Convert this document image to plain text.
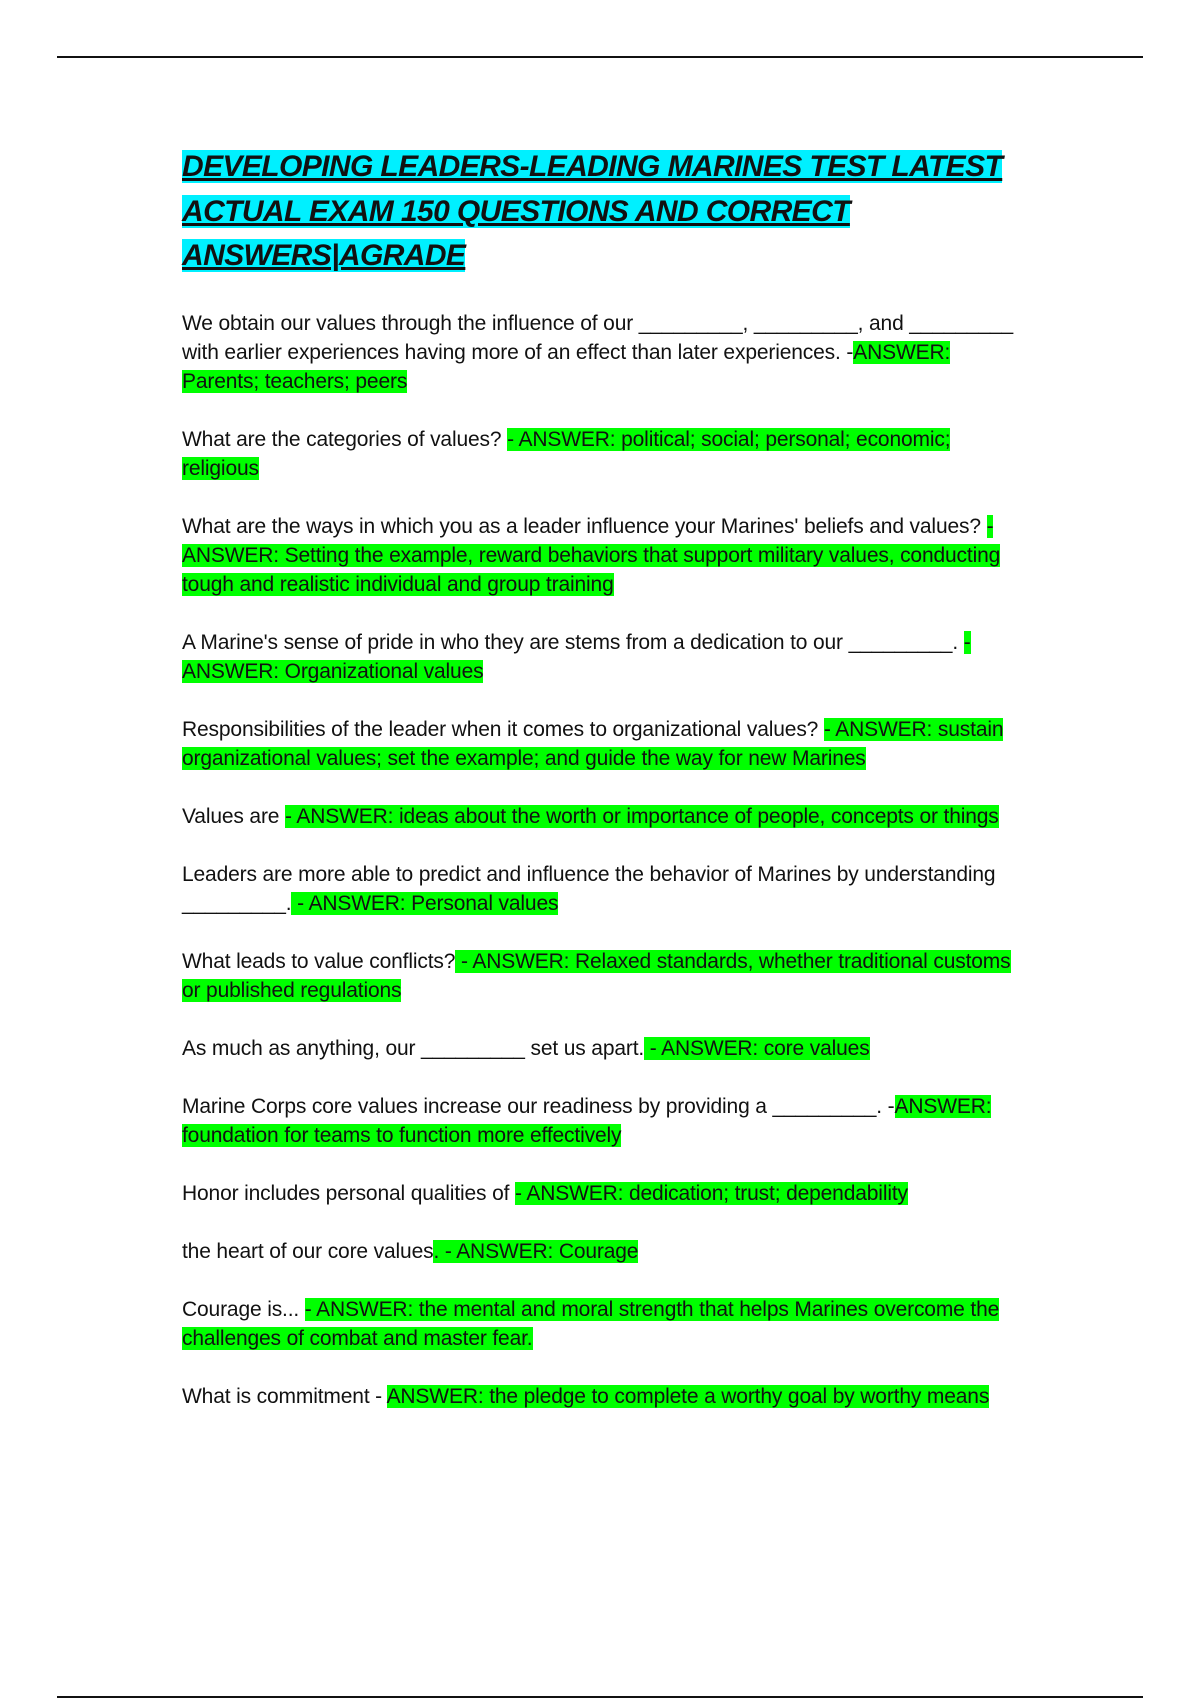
DEVELOPING LEADERS-LEADING MARINES TEST LATEST ACTUAL EXAM 150 QUESTIONS AND CORRECT ANSWERS|AGRADE

We obtain our values through the influence of our _________, _________, and _________ with earlier experiences having more of an effect than later experiences. -ANSWER: Parents; teachers; peers

What are the categories of values? - ANSWER: political; social; personal; economic; religious

What are the ways in which you as a leader influence your Marines' beliefs and values? - ANSWER: Setting the example, reward behaviors that support military values, conducting tough and realistic individual and group training

A Marine's sense of pride in who they are stems from a dedication to our _________. - ANSWER: Organizational values

Responsibilities of the leader when it comes to organizational values? - ANSWER: sustain organizational values; set the example; and guide the way for new Marines

Values are - ANSWER: ideas about the worth or importance of people, concepts or things

Leaders are more able to predict and influence the behavior of Marines by understanding _________. - ANSWER: Personal values

What leads to value conflicts? - ANSWER: Relaxed standards, whether traditional customs or published regulations

As much as anything, our _________ set us apart. - ANSWER: core values

Marine Corps core values increase our readiness by providing a _________. -ANSWER: foundation for teams to function more effectively

Honor includes personal qualities of - ANSWER: dedication; trust; dependability

the heart of our core values. - ANSWER: Courage

Courage is... - ANSWER: the mental and moral strength that helps Marines overcome the challenges of combat and master fear.

What is commitment - ANSWER: the pledge to complete a worthy goal by worthy means
